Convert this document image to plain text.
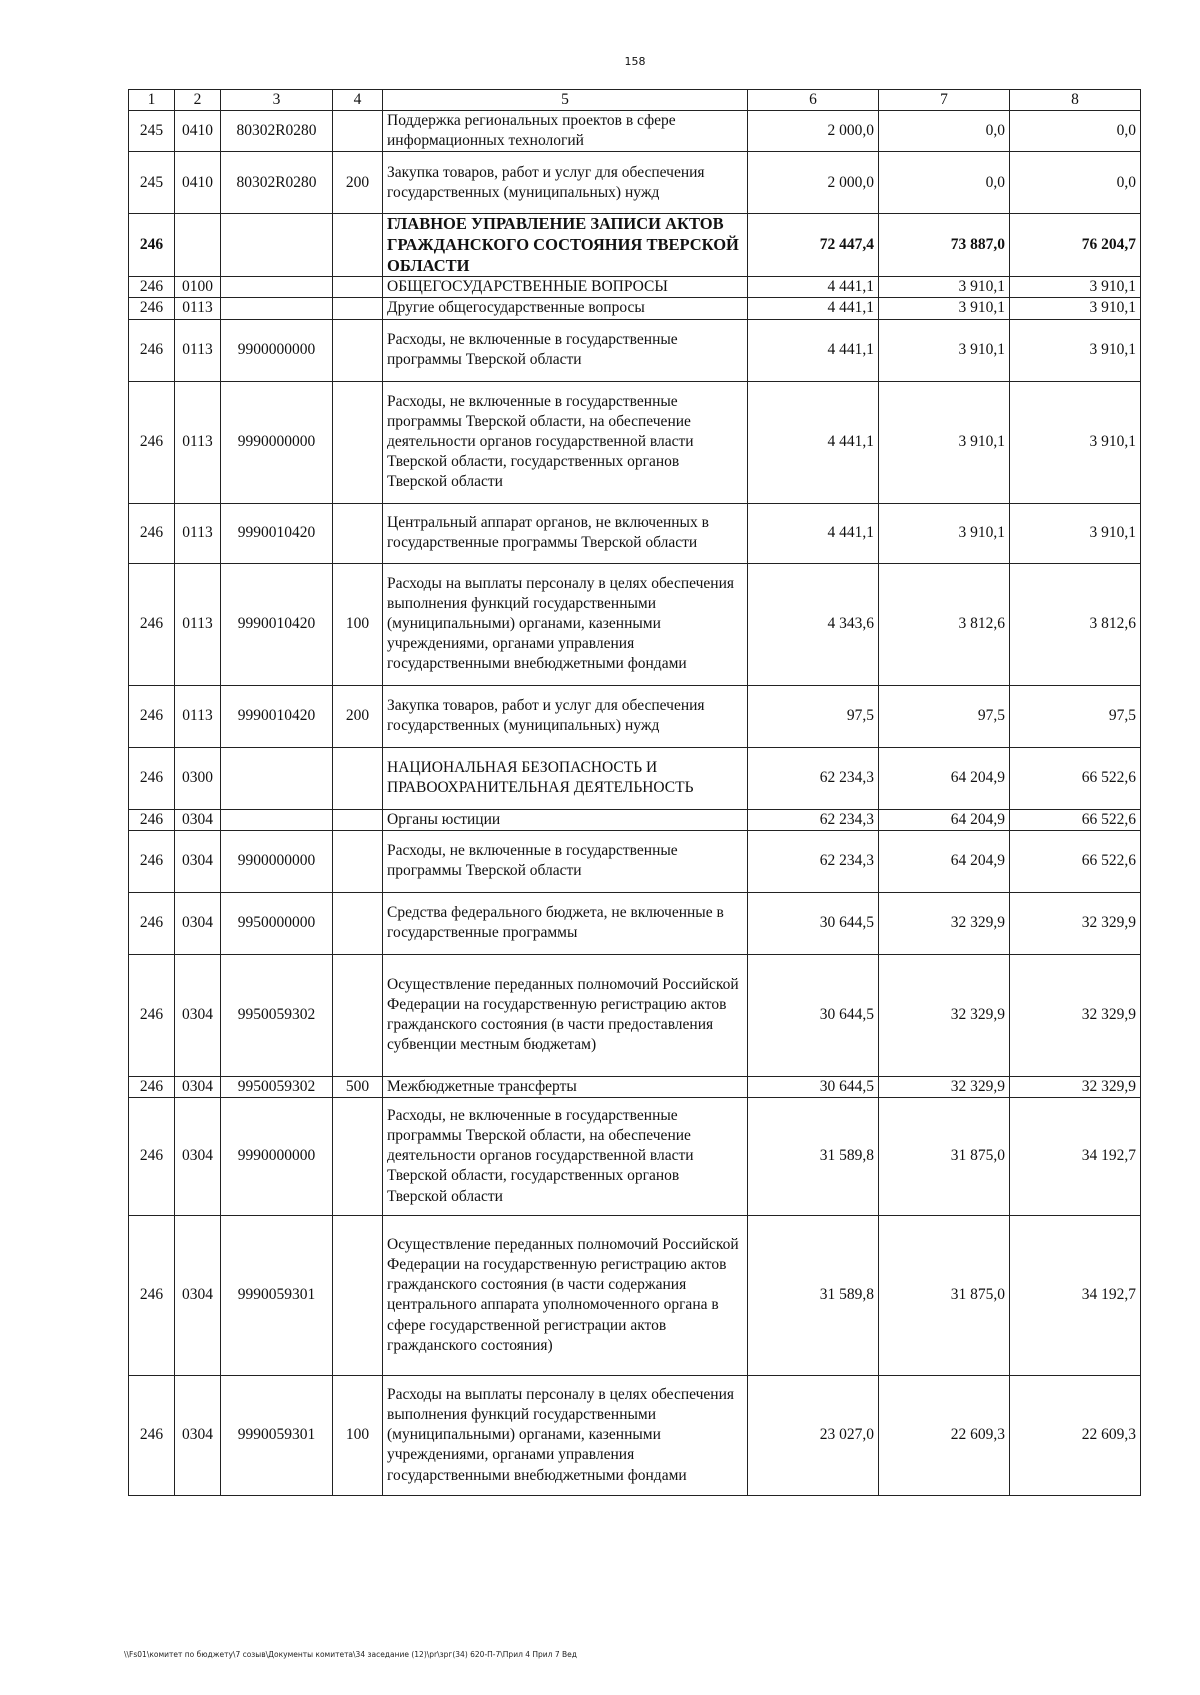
158
1	2	3	4	5	6	7	8
245	0410	80302R0280		Поддержка региональных проектов в сфере информационных технологий	2 000,0	0,0	0,0
245	0410	80302R0280	200	Закупка товаров, работ и услуг для обеспечения государственных (муниципальных) нужд	2 000,0	0,0	0,0
246				ГЛАВНОЕ УПРАВЛЕНИЕ ЗАПИСИ АКТОВ ГРАЖДАНСКОГО СОСТОЯНИЯ ТВЕРСКОЙ ОБЛАСТИ	72 447,4	73 887,0	76 204,7
246	0100			ОБЩЕГОСУДАРСТВЕННЫЕ ВОПРОСЫ	4 441,1	3 910,1	3 910,1
246	0113			Другие общегосударственные вопросы	4 441,1	3 910,1	3 910,1
246	0113	9900000000		Расходы, не включенные в государственные программы Тверской области	4 441,1	3 910,1	3 910,1
246	0113	9990000000		Расходы, не включенные в государственные программы Тверской области, на обеспечение деятельности органов государственной власти Тверской области, государственных органов Тверской области	4 441,1	3 910,1	3 910,1
246	0113	9990010420		Центральный аппарат органов, не включенных в государственные программы Тверской области	4 441,1	3 910,1	3 910,1
246	0113	9990010420	100	Расходы на выплаты персоналу в целях обеспечения выполнения функций государственными (муниципальными) органами, казенными учреждениями, органами управления государственными внебюджетными фондами	4 343,6	3 812,6	3 812,6
246	0113	9990010420	200	Закупка товаров, работ и услуг для обеспечения государственных (муниципальных) нужд	97,5	97,5	97,5
246	0300			НАЦИОНАЛЬНАЯ БЕЗОПАСНОСТЬ И ПРАВООХРАНИТЕЛЬНАЯ ДЕЯТЕЛЬНОСТЬ	62 234,3	64 204,9	66 522,6
246	0304			Органы юстиции	62 234,3	64 204,9	66 522,6
246	0304	9900000000		Расходы, не включенные в государственные программы Тверской области	62 234,3	64 204,9	66 522,6
246	0304	9950000000		Средства федерального бюджета, не включенные в государственные программы	30 644,5	32 329,9	32 329,9
246	0304	9950059302		Осуществление переданных полномочий Российской Федерации на государственную регистрацию актов гражданского состояния (в части предоставления субвенции местным бюджетам)	30 644,5	32 329,9	32 329,9
246	0304	9950059302	500	Межбюджетные трансферты	30 644,5	32 329,9	32 329,9
246	0304	9990000000		Расходы, не включенные в государственные программы Тверской области, на обеспечение деятельности органов государственной власти Тверской области, государственных органов Тверской области	31 589,8	31 875,0	34 192,7
246	0304	9990059301		Осуществление переданных полномочий Российской Федерации на государственную регистрацию актов гражданского состояния (в части содержания центрального аппарата уполномоченного органа в сфере государственной регистрации актов гражданского состояния)	31 589,8	31 875,0	34 192,7
246	0304	9990059301	100	Расходы на выплаты персоналу в целях обеспечения выполнения функций государственными (муниципальными) органами, казенными учреждениями, органами управления государственными внебюджетными фондами	23 027,0	22 609,3	22 609,3
\\Fs01\комитет по бюджету\7 созыв\Документы комитета\34 заседание (12)\pr\зрг(34) 620-П-7\Прил 4 Прил 7 Вед
